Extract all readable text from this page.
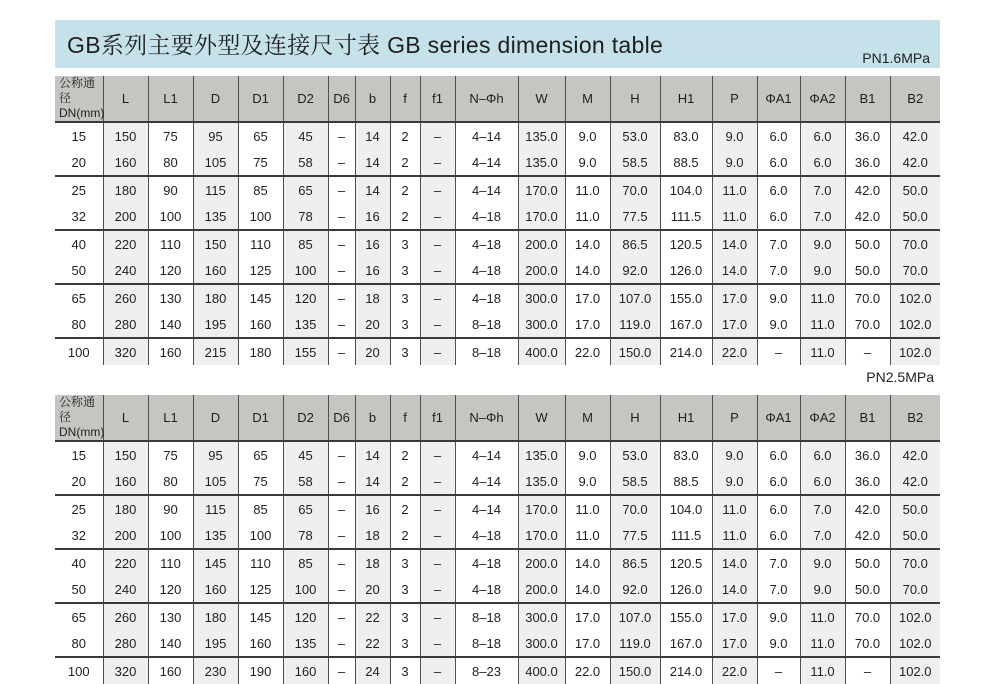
GB系列主要外型及连接尺寸表 GB series dimension table
PN1.6MPa
公称通径
DN(mm)	L	L1	D	D1	D2	D6	b	f	f1	N–Φh	W	M	H	H1	P	ΦA1	ΦA2	B1	B2
15	150	75	95	65	45	–	14	2	–	4–14	135.0	9.0	53.0	83.0	9.0	6.0	6.0	36.0	42.0
20	160	80	105	75	58	–	14	2	–	4–14	135.0	9.0	58.5	88.5	9.0	6.0	6.0	36.0	42.0
25	180	90	115	85	65	–	14	2	–	4–14	170.0	11.0	70.0	104.0	11.0	6.0	7.0	42.0	50.0
32	200	100	135	100	78	–	16	2	–	4–18	170.0	11.0	77.5	111.5	11.0	6.0	7.0	42.0	50.0
40	220	110	150	110	85	–	16	3	–	4–18	200.0	14.0	86.5	120.5	14.0	7.0	9.0	50.0	70.0
50	240	120	160	125	100	–	16	3	–	4–18	200.0	14.0	92.0	126.0	14.0	7.0	9.0	50.0	70.0
65	260	130	180	145	120	–	18	3	–	4–18	300.0	17.0	107.0	155.0	17.0	9.0	11.0	70.0	102.0
80	280	140	195	160	135	–	20	3	–	8–18	300.0	17.0	119.0	167.0	17.0	9.0	11.0	70.0	102.0
100	320	160	215	180	155	–	20	3	–	8–18	400.0	22.0	150.0	214.0	22.0	–	11.0	–	102.0
PN2.5MPa
公称通径
DN(mm)	L	L1	D	D1	D2	D6	b	f	f1	N–Φh	W	M	H	H1	P	ΦA1	ΦA2	B1	B2
15	150	75	95	65	45	–	14	2	–	4–14	135.0	9.0	53.0	83.0	9.0	6.0	6.0	36.0	42.0
20	160	80	105	75	58	–	14	2	–	4–14	135.0	9.0	58.5	88.5	9.0	6.0	6.0	36.0	42.0
25	180	90	115	85	65	–	16	2	–	4–14	170.0	11.0	70.0	104.0	11.0	6.0	7.0	42.0	50.0
32	200	100	135	100	78	–	18	2	–	4–18	170.0	11.0	77.5	111.5	11.0	6.0	7.0	42.0	50.0
40	220	110	145	110	85	–	18	3	–	4–18	200.0	14.0	86.5	120.5	14.0	7.0	9.0	50.0	70.0
50	240	120	160	125	100	–	20	3	–	4–18	200.0	14.0	92.0	126.0	14.0	7.0	9.0	50.0	70.0
65	260	130	180	145	120	–	22	3	–	8–18	300.0	17.0	107.0	155.0	17.0	9.0	11.0	70.0	102.0
80	280	140	195	160	135	–	22	3	–	8–18	300.0	17.0	119.0	167.0	17.0	9.0	11.0	70.0	102.0
100	320	160	230	190	160	–	24	3	–	8–23	400.0	22.0	150.0	214.0	22.0	–	11.0	–	102.0
